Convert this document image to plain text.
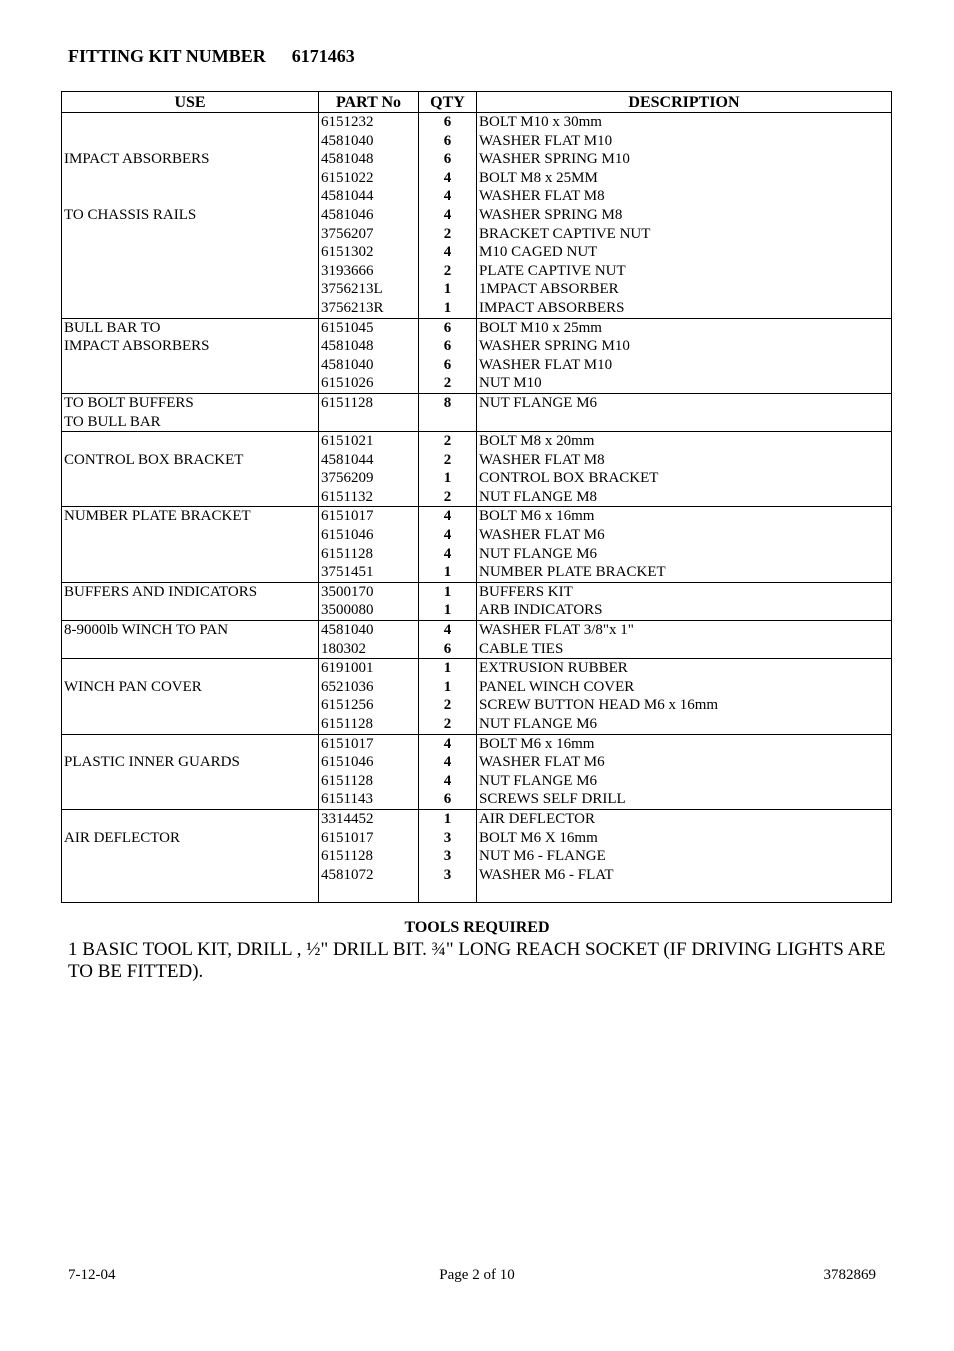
FITTING KIT NUMBER 6171463
USE	PART No	QTY	DESCRIPTION
	6151232	6	BOLT M10 x 30mm
	4581040	6	WASHER FLAT M10
IMPACT ABSORBERS	4581048	6	WASHER SPRING M10
	6151022	4	BOLT M8 x 25MM
	4581044	4	WASHER FLAT M8
TO CHASSIS RAILS	4581046	4	WASHER SPRING M8
	3756207	2	BRACKET CAPTIVE NUT
	6151302	4	M10 CAGED NUT
	3193666	2	PLATE CAPTIVE NUT
	3756213L	1	1MPACT ABSORBER
	3756213R	1	IMPACT ABSORBERS
BULL BAR TO	6151045	6	BOLT M10 x 25mm
IMPACT ABSORBERS	4581048	6	WASHER SPRING M10
	4581040	6	WASHER FLAT M10
	6151026	2	NUT M10
TO BOLT BUFFERS	6151128	8	NUT FLANGE M6
TO BULL BAR			
	6151021	2	BOLT M8 x 20mm
CONTROL BOX BRACKET	4581044	2	WASHER FLAT M8
	3756209	1	CONTROL BOX BRACKET
	6151132	2	NUT FLANGE M8
NUMBER PLATE BRACKET	6151017	4	BOLT M6 x 16mm
	6151046	4	WASHER FLAT M6
	6151128	4	NUT FLANGE M6
	3751451	1	NUMBER PLATE BRACKET
BUFFERS AND INDICATORS	3500170	1	BUFFERS KIT
	3500080	1	ARB INDICATORS
8-9000lb WINCH TO PAN	4581040	4	WASHER FLAT 3/8"x 1"
	180302	6	CABLE TIES
	6191001	1	EXTRUSION RUBBER
WINCH PAN COVER	6521036	1	PANEL WINCH COVER
	6151256	2	SCREW BUTTON HEAD M6 x 16mm
	6151128	2	NUT FLANGE M6
	6151017	4	BOLT M6 x 16mm
PLASTIC INNER GUARDS	6151046	4	WASHER FLAT M6
	6151128	4	NUT FLANGE M6
	6151143	6	SCREWS SELF DRILL
	3314452	1	AIR DEFLECTOR
AIR DEFLECTOR	6151017	3	BOLT M6 X 16mm
	6151128	3	NUT M6 - FLANGE
	4581072	3	WASHER M6 - FLAT

TOOLS REQUIRED
1 BASIC TOOL KIT, DRILL , ½" DRILL BIT. ¾" LONG REACH SOCKET (IF DRIVING LIGHTS ARE TO BE FITTED).
7-12-04	Page 2 of 10	3782869
